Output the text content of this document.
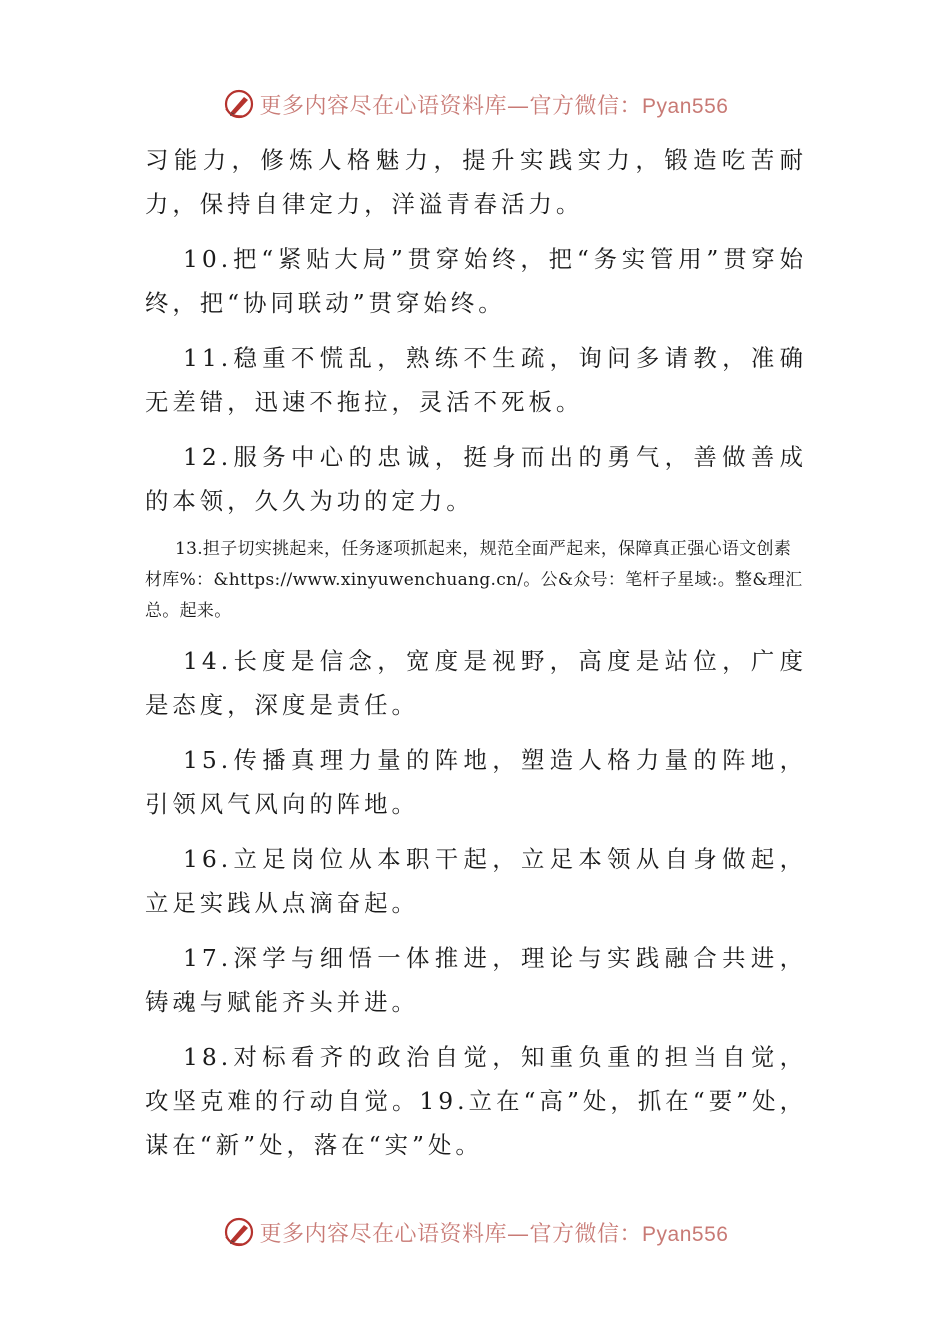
更多内容尽在心语资料库—官方微信：Pyan556

习能力，修炼人格魅力，提升实践实力，锻造吃苦耐力，保持自律定力，洋溢青春活力。

10.把“紧贴大局”贯穿始终，把“务实管用”贯穿始终，把“协同联动”贯穿始终。

11.稳重不慌乱，熟练不生疏，询问多请教，准确无差错，迅速不拖拉，灵活不死板。

12.服务中心的忠诚，挺身而出的勇气，善做善成的本领，久久为功的定力。

13.担子切实挑起来，任务逐项抓起来，规范全面严起来，保障真正强心语文创素材库%：&https://www.xinyuwenchuang.cn/。公&众号：笔杆子星域:。整&理汇总。起来。

14.长度是信念，宽度是视野，高度是站位，广度是态度，深度是责任。

15.传播真理力量的阵地，塑造人格力量的阵地，引领风气风向的阵地。

16.立足岗位从本职干起，立足本领从自身做起，立足实践从点滴奋起。

17.深学与细悟一体推进，理论与实践融合共进，铸魂与赋能齐头并进。

18.对标看齐的政治自觉，知重负重的担当自觉，攻坚克难的行动自觉。19.立在“高”处，抓在“要”处，谋在“新”处，落在“实”处。

更多内容尽在心语资料库—官方微信：Pyan556
